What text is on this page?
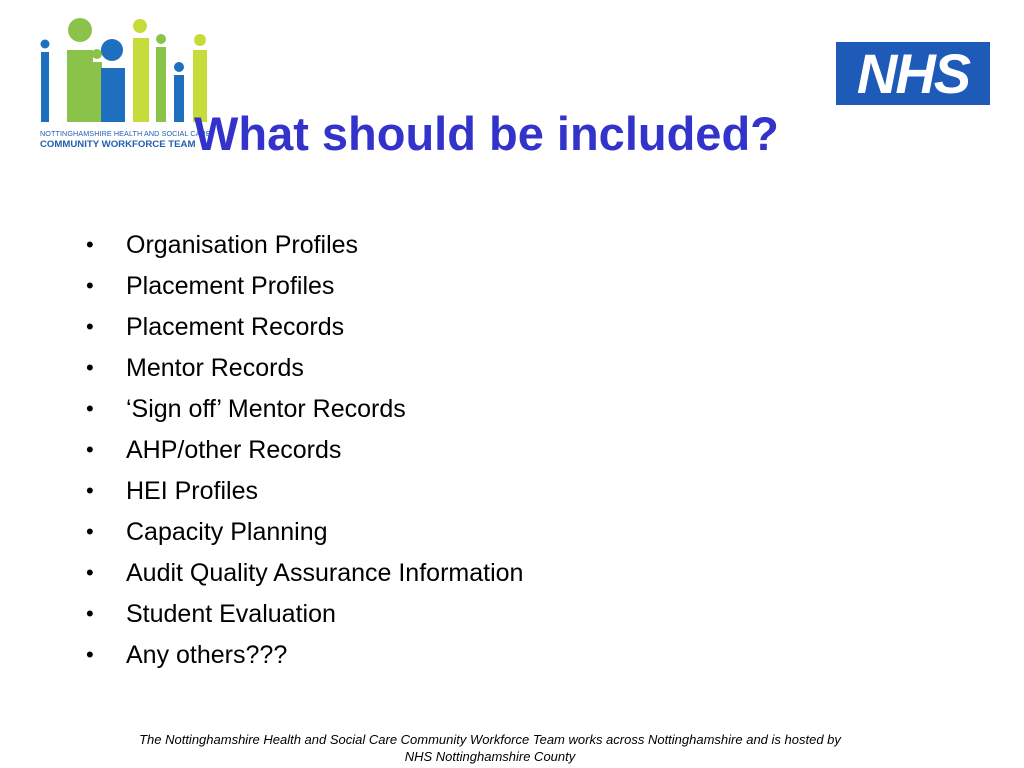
NOTTINGHAMSHIRE HEALTH AND SOCIAL CARE
COMMUNITY WORKFORCE TEAM
NHS
What should be included?
• Organisation Profiles
• Placement Profiles
• Placement Records
• Mentor Records
• ‘Sign off’ Mentor Records
• AHP/other Records
• HEI Profiles
• Capacity Planning
• Audit Quality Assurance Information
• Student Evaluation
• Any others???
The Nottinghamshire Health and Social Care Community Workforce Team works across Nottinghamshire and is hosted by
NHS Nottinghamshire County
